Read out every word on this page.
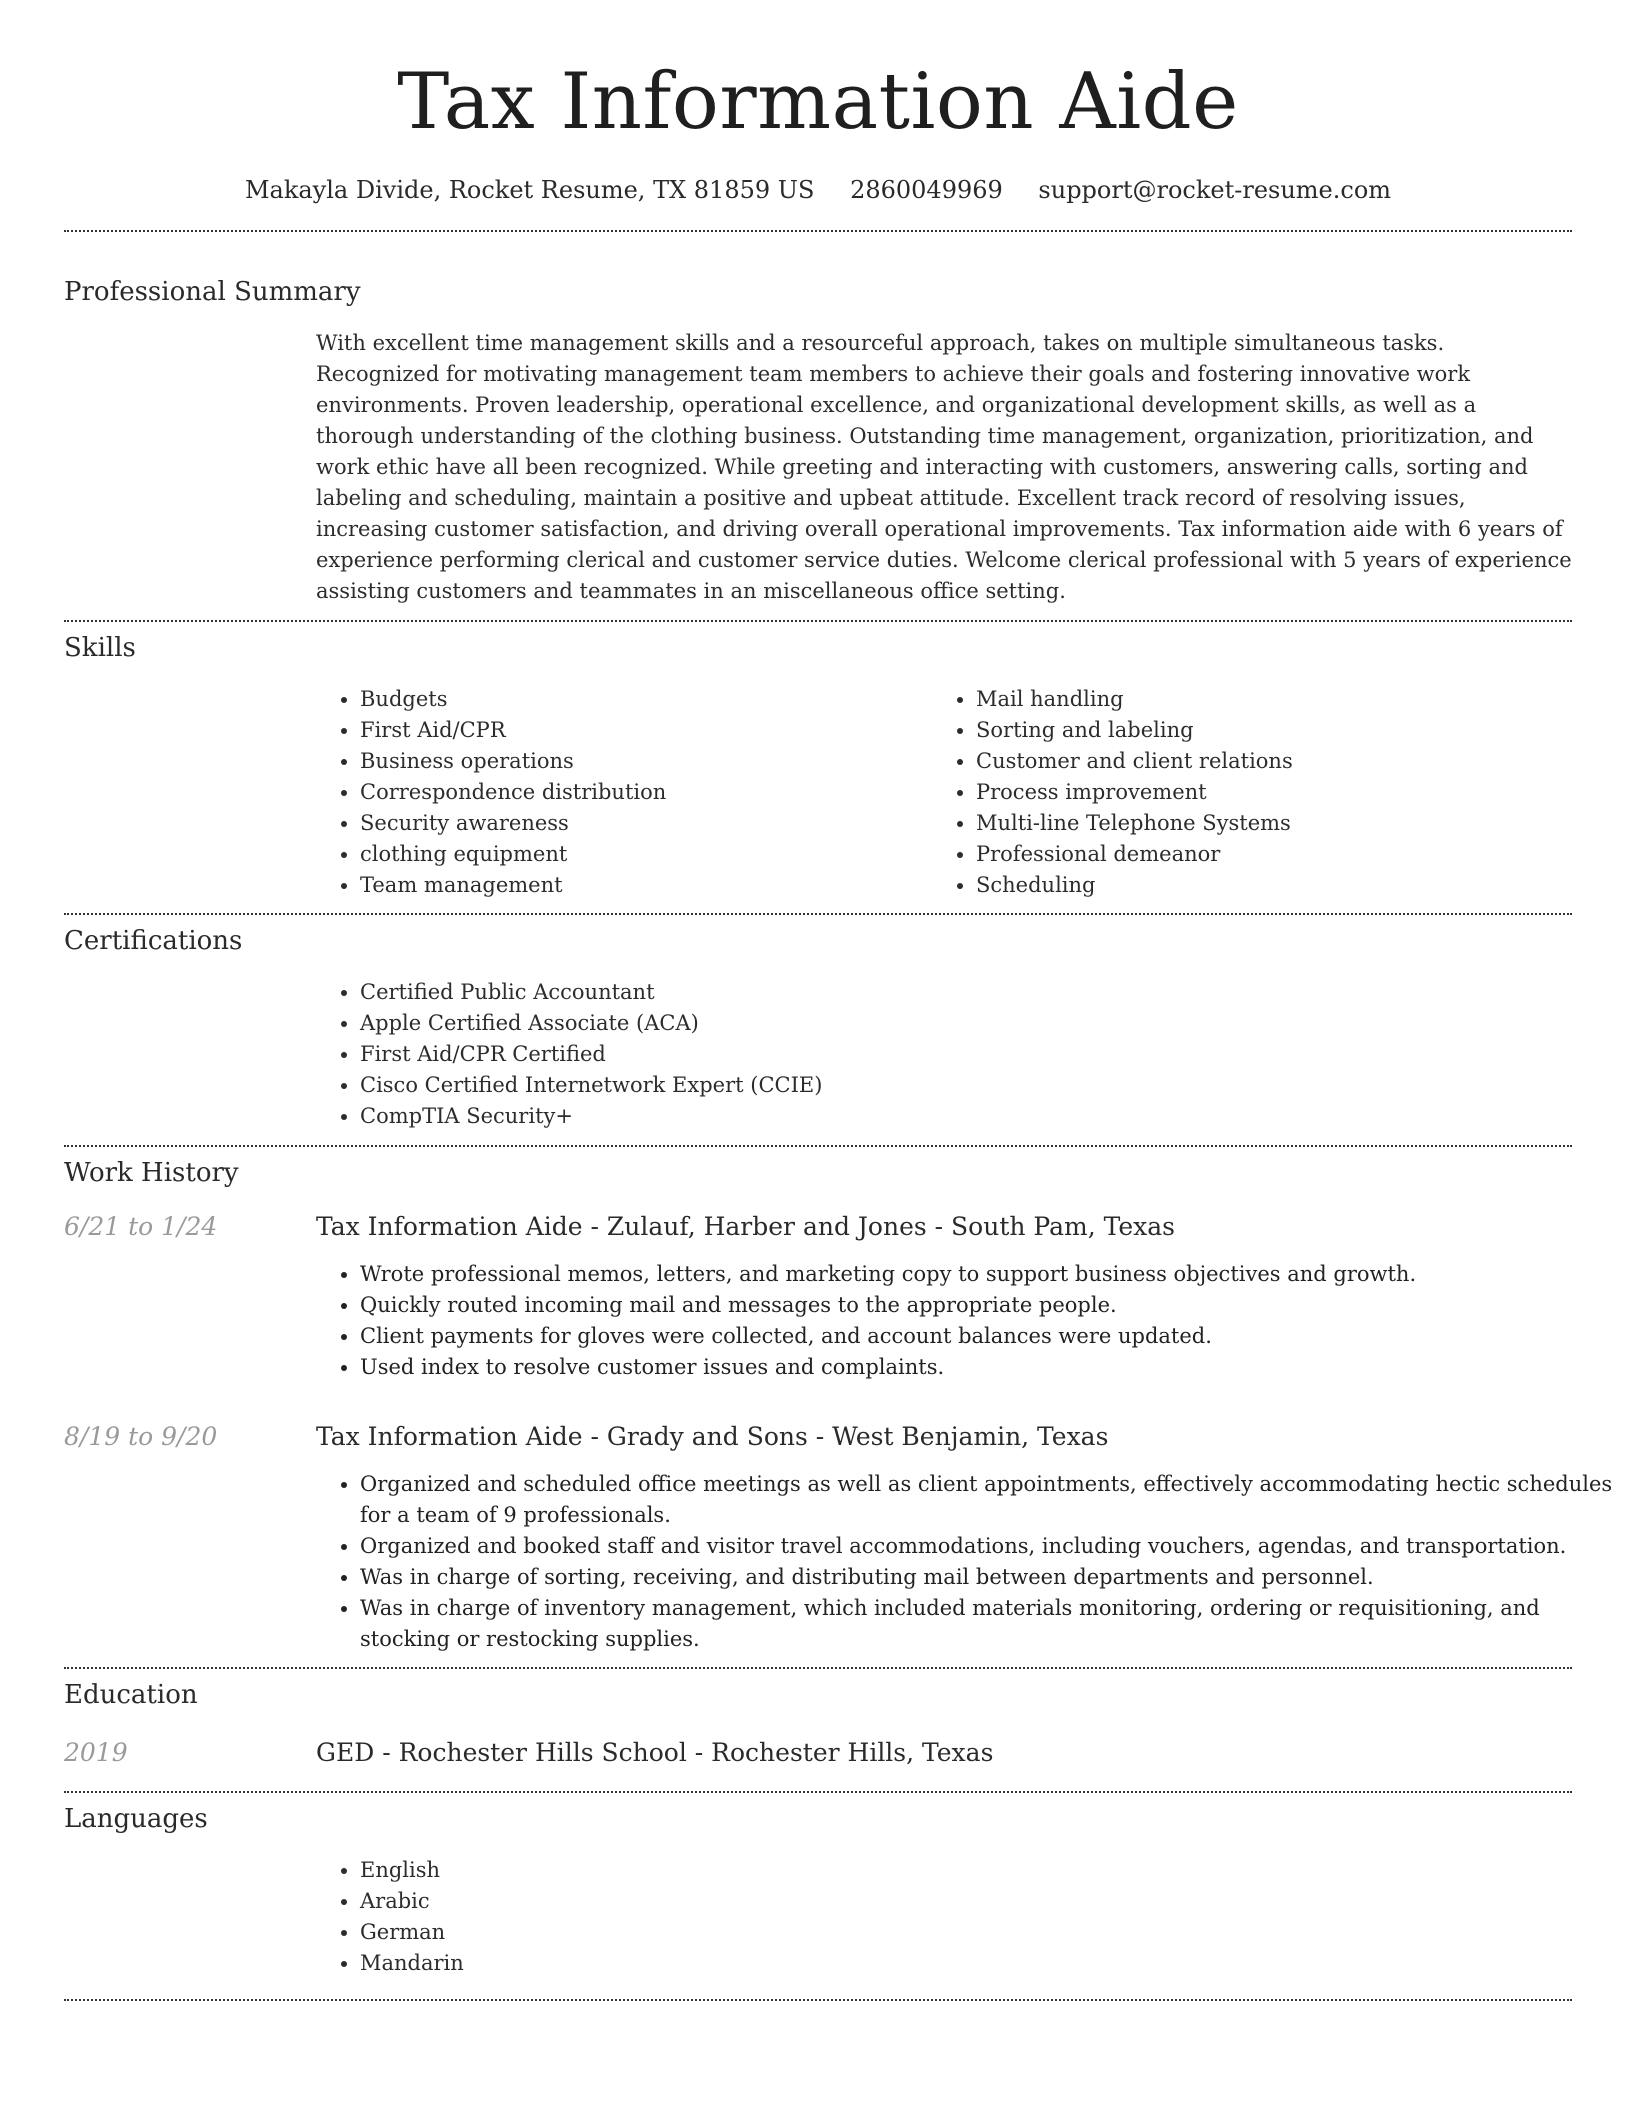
Tax Information Aide
Makayla Divide, Rocket Resume, TX 81859 US 2860049969 support@rocket-resume.com
Professional Summary
With excellent time management skills and a resourceful approach, takes on multiple simultaneous tasks. Recognized for motivating management team members to achieve their goals and fostering innovative work environments. Proven leadership, operational excellence, and organizational development skills, as well as a thorough understanding of the clothing business. Outstanding time management, organization, prioritization, and work ethic have all been recognized. While greeting and interacting with customers, answering calls, sorting and labeling and scheduling, maintain a positive and upbeat attitude. Excellent track record of resolving issues, increasing customer satisfaction, and driving overall operational improvements. Tax information aide with 6 years of experience performing clerical and customer service duties. Welcome clerical professional with 5 years of experience assisting customers and teammates in an miscellaneous office setting.
Skills
• Budgets
• First Aid/CPR
• Business operations
• Correspondence distribution
• Security awareness
• clothing equipment
• Team management
• Mail handling
• Sorting and labeling
• Customer and client relations
• Process improvement
• Multi-line Telephone Systems
• Professional demeanor
• Scheduling
Certifications
• Certified Public Accountant
• Apple Certified Associate (ACA)
• First Aid/CPR Certified
• Cisco Certified Internetwork Expert (CCIE)
• CompTIA Security+
Work History
6/21 to 1/24	Tax Information Aide - Zulauf, Harber and Jones - South Pam, Texas
• Wrote professional memos, letters, and marketing copy to support business objectives and growth.
• Quickly routed incoming mail and messages to the appropriate people.
• Client payments for gloves were collected, and account balances were updated.
• Used index to resolve customer issues and complaints.
8/19 to 9/20	Tax Information Aide - Grady and Sons - West Benjamin, Texas
• Organized and scheduled office meetings as well as client appointments, effectively accommodating hectic schedules for a team of 9 professionals.
• Organized and booked staff and visitor travel accommodations, including vouchers, agendas, and transportation.
• Was in charge of sorting, receiving, and distributing mail between departments and personnel.
• Was in charge of inventory management, which included materials monitoring, ordering or requisitioning, and stocking or restocking supplies.
Education
2019	GED - Rochester Hills School - Rochester Hills, Texas
Languages
• English
• Arabic
• German
• Mandarin
